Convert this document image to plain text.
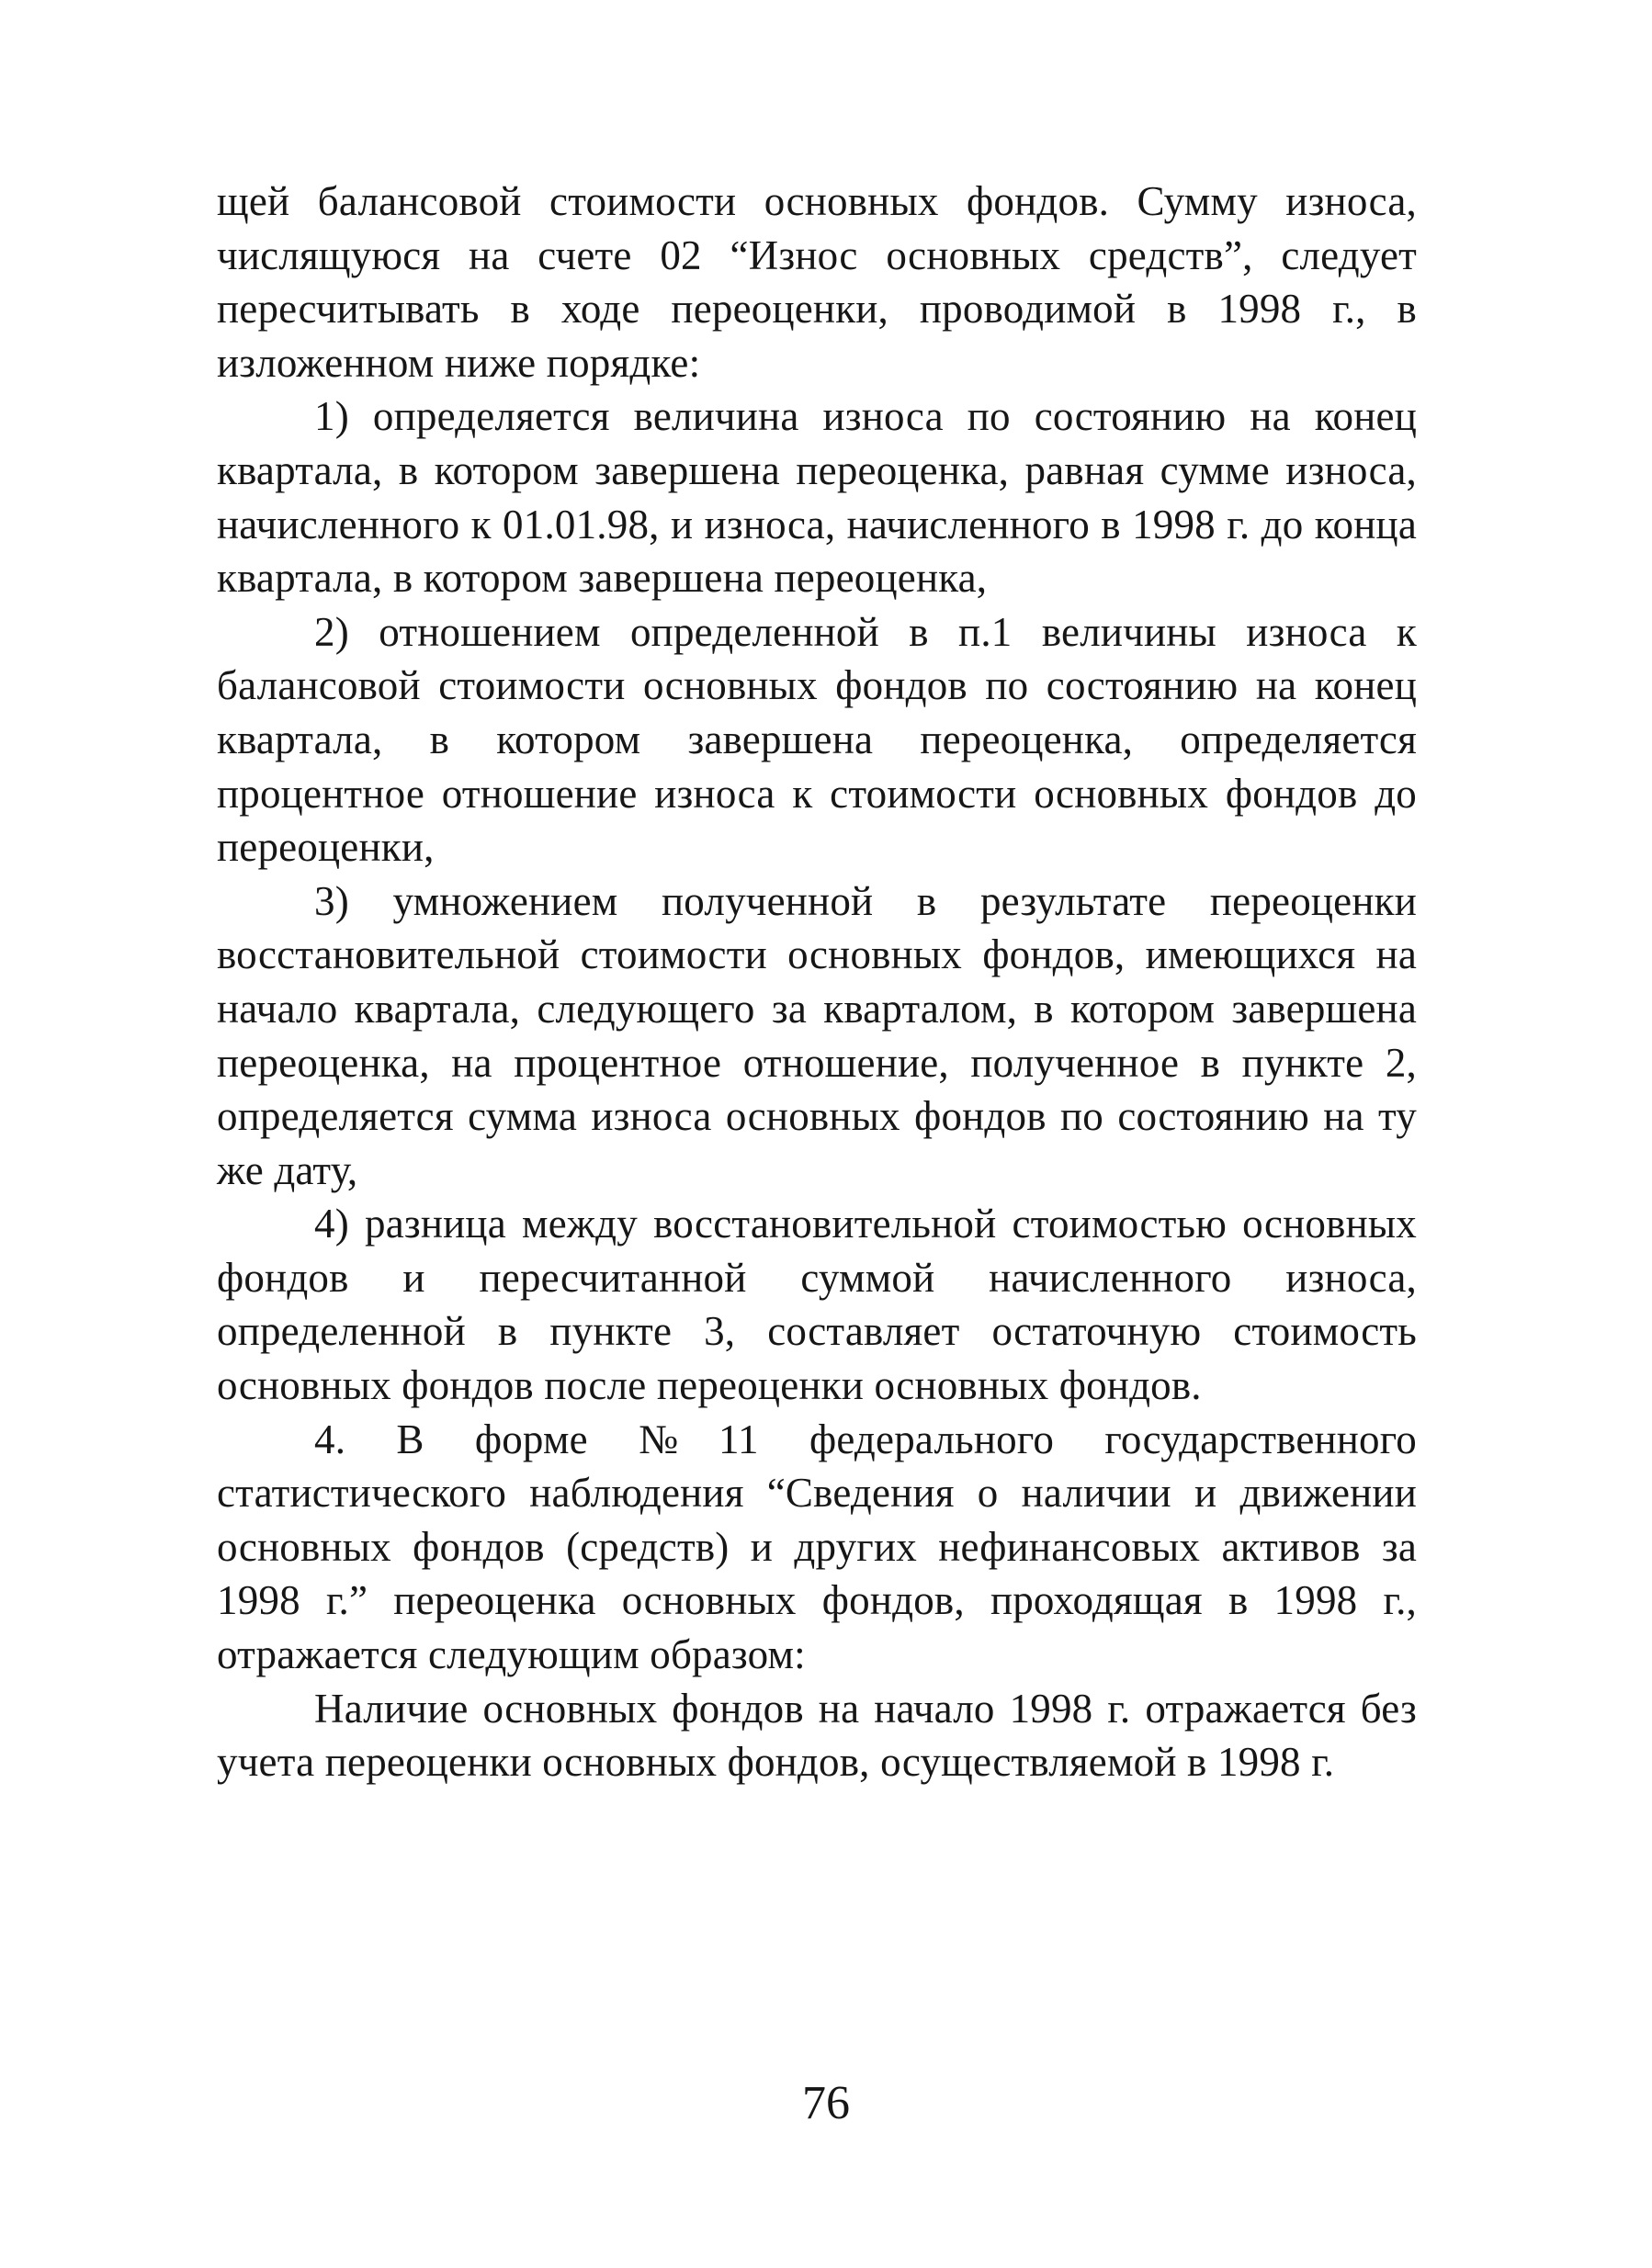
щей балансовой стоимости основных фондов. Сумму износа, числящуюся на счете 02 “Износ основных средств”, следует пересчитывать в ходе переоценки, проводимой в 1998 г., в изложенном ниже порядке:

1) определяется величина износа по состоянию на конец квартала, в котором завершена переоценка, равная сумме износа, начисленного к 01.01.98, и износа, начисленного в 1998 г. до конца квартала, в котором завершена переоценка,

2) отношением определенной в п.1 величины износа к балансовой стоимости основных фондов по состоянию на конец квартала, в котором завершена переоценка, определяется процентное отношение износа к стоимости основных фондов до переоценки,

3) умножением полученной в результате переоценки восстановительной стоимости основных фондов, имеющихся на начало квартала, следующего за кварталом, в котором завершена переоценка, на процентное отношение, полученное в пункте 2, определяется сумма износа основных фондов по состоянию на ту же дату,

4) разница между восстановительной стоимостью основных фондов и пересчитанной суммой начисленного износа, определенной в пункте 3, составляет остаточную стоимость основных фондов после переоценки основных фондов.

4. В форме №11 федерального государственного статистического наблюдения “Сведения о наличии и движении основных фондов (средств) и других нефинансовых активов за 1998 г.” переоценка основных фондов, проходящая в 1998 г., отражается следующим образом:

Наличие основных фондов на начало 1998 г. отражается без учета переоценки основных фондов, осуществляемой в 1998 г.

76
